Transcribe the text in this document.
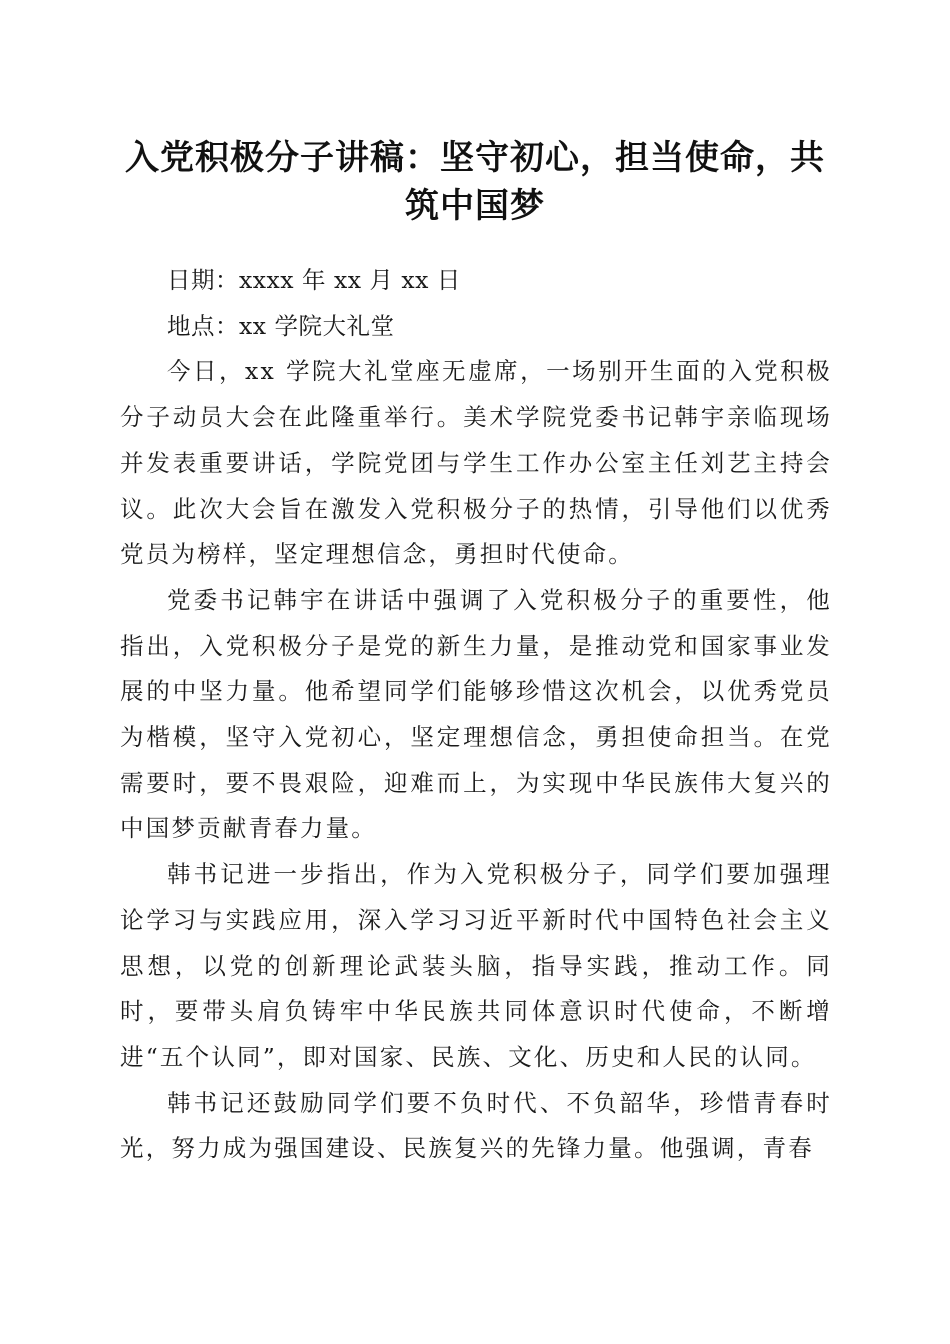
入党积极分子讲稿：坚守初心，担当使命，共筑中国梦

日期：xxxx 年 xx 月 xx 日

地点：xx 学院大礼堂

今日，xx 学院大礼堂座无虚席，一场别开生面的入党积极分子动员大会在此隆重举行。美术学院党委书记韩宇亲临现场并发表重要讲话，学院党团与学生工作办公室主任刘艺主持会议。此次大会旨在激发入党积极分子的热情，引导他们以优秀党员为榜样，坚定理想信念，勇担时代使命。

党委书记韩宇在讲话中强调了入党积极分子的重要性，他指出，入党积极分子是党的新生力量，是推动党和国家事业发展的中坚力量。他希望同学们能够珍惜这次机会，以优秀党员为楷模，坚守入党初心，坚定理想信念，勇担使命担当。在党需要时，要不畏艰险，迎难而上，为实现中华民族伟大复兴的中国梦贡献青春力量。

韩书记进一步指出，作为入党积极分子，同学们要加强理论学习与实践应用，深入学习习近平新时代中国特色社会主义思想，以党的创新理论武装头脑，指导实践，推动工作。同时，要带头肩负铸牢中华民族共同体意识时代使命，不断增进“五个认同”，即对国家、民族、文化、历史和人民的认同。

韩书记还鼓励同学们要不负时代、不负韶华，珍惜青春时光，努力成为强国建设、民族复兴的先锋力量。他强调，青春
